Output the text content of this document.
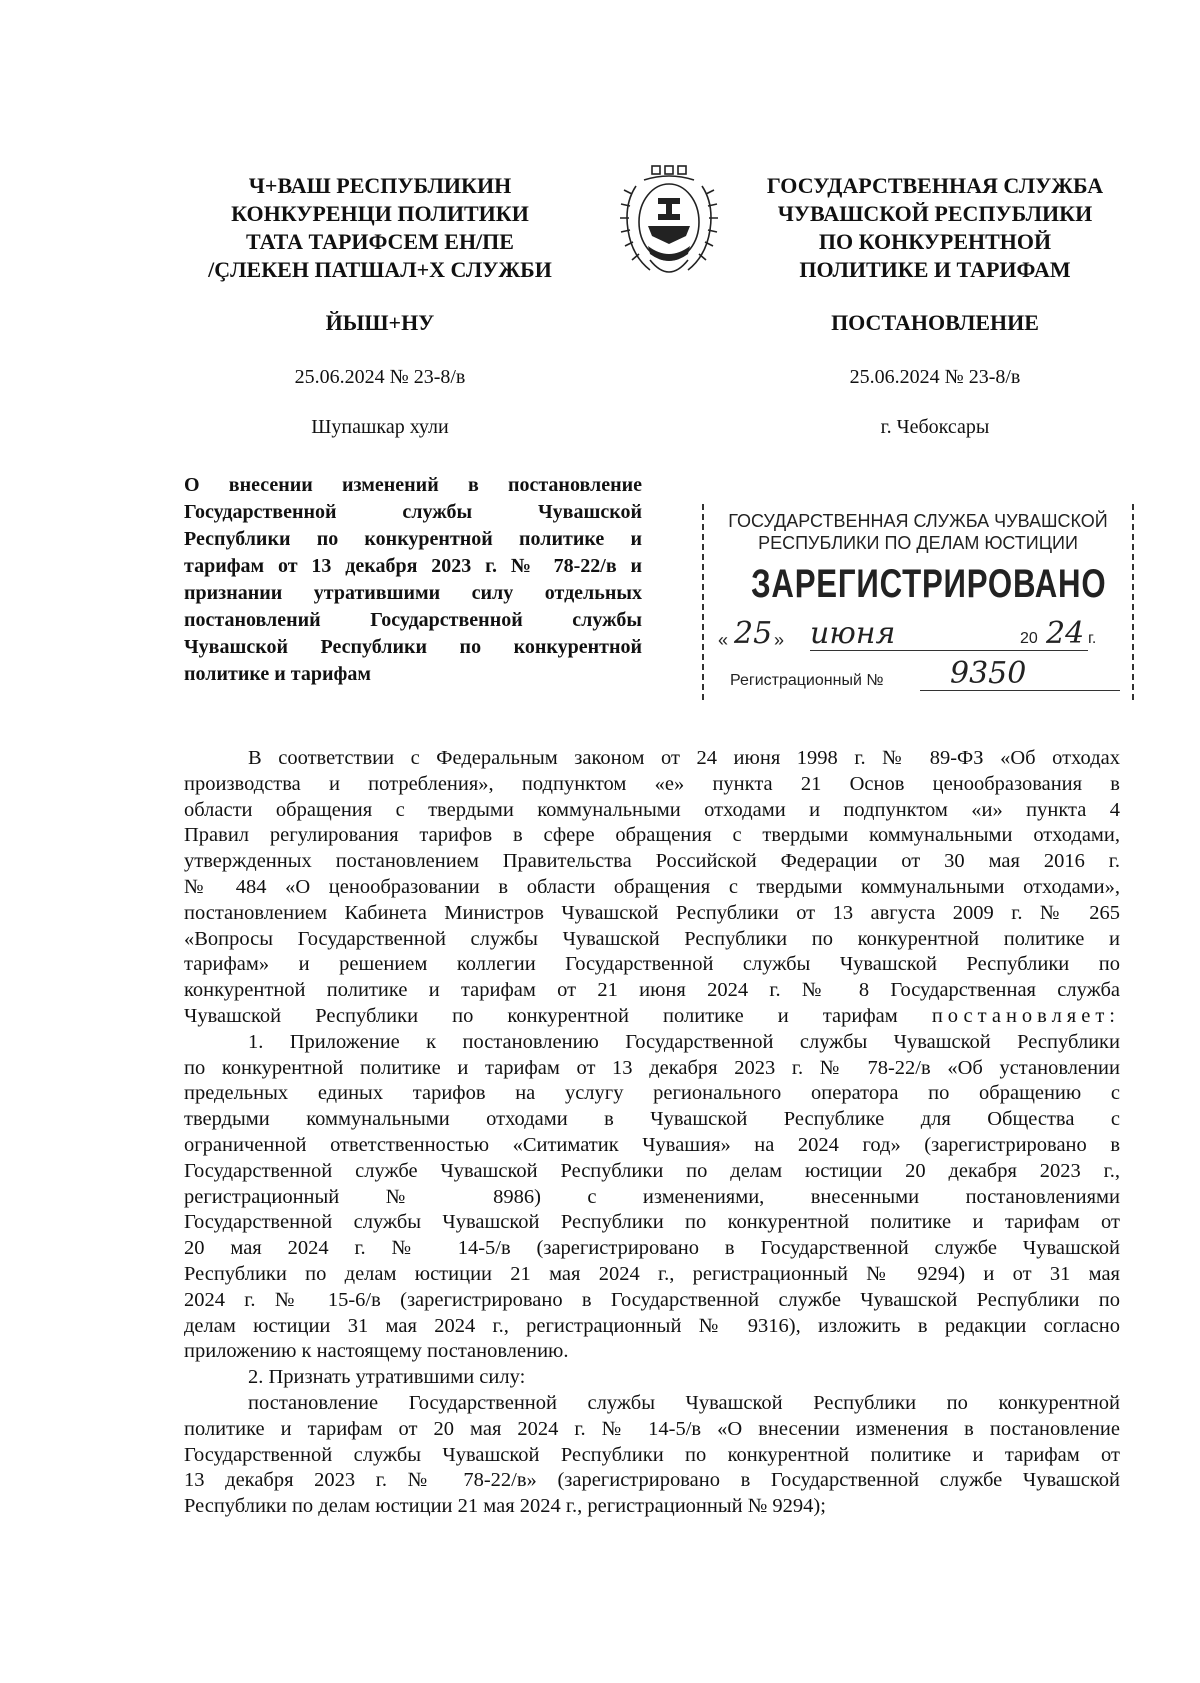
Ч+ВАШ РЕСПУБЛИКИН
КОНКУРЕНЦИ ПОЛИТИКИ
ТАТА ТАРИФСЕМ ЕН/ПЕ
/ÇЛЕКЕН ПАТШАЛ+Х СЛУЖБИ
ГОСУДАРСТВЕННАЯ СЛУЖБА
ЧУВАШСКОЙ РЕСПУБЛИКИ
ПО КОНКУРЕНТНОЙ
ПОЛИТИКЕ И ТАРИФАМ
ЙЫШ+НУ	ПОСТАНОВЛЕНИЕ
25.06.2024 № 23-8/в	25.06.2024 № 23-8/в
Шупашкар хули	г. Чебоксары
О внесении изменений в постановление
Государственной службы Чувашской
Республики по конкурентной политике и
тарифам от 13 декабря 2023 г. № 78-22/в и
признании утратившими силу отдельных
постановлений Государственной службы
Чувашской Республики по конкурентной
политике и тарифам
ГОСУДАРСТВЕННАЯ СЛУЖБА ЧУВАШСКОЙ
РЕСПУБЛИКИ ПО ДЕЛАМ ЮСТИЦИИ
ЗАРЕГИСТРИРОВАНО
« 25 » июня	20 24 г.
Регистрационный № 9350
В соответствии с Федеральным законом от 24 июня 1998 г. № 89-ФЗ «Об отходах
производства и потребления», подпунктом «е» пункта 21 Основ ценообразования в
области обращения с твердыми коммунальными отходами и подпунктом «и» пункта 4
Правил регулирования тарифов в сфере обращения с твердыми коммунальными отходами,
утвержденных постановлением Правительства Российской Федерации от 30 мая 2016 г.
№ 484 «О ценообразовании в области обращения с твердыми коммунальными отходами»,
постановлением Кабинета Министров Чувашской Республики от 13 августа 2009 г. № 265
«Вопросы Государственной службы Чувашской Республики по конкурентной политике и
тарифам» и решением коллегии Государственной службы Чувашской Республики по
конкурентной политике и тарифам от 21 июня 2024 г. № 8 Государственная служба
Чувашской Республики по конкурентной политике и тарифам постановляет:
1. Приложение к постановлению Государственной службы Чувашской Республики
по конкурентной политике и тарифам от 13 декабря 2023 г. № 78-22/в «Об установлении
предельных единых тарифов на услугу регионального оператора по обращению с
твердыми коммунальными отходами в Чувашской Республике для Общества с
ограниченной ответственностью «Ситиматик Чувашия» на 2024 год» (зарегистрировано в
Государственной службе Чувашской Республики по делам юстиции 20 декабря 2023 г.,
регистрационный № 8986) с изменениями, внесенными постановлениями
Государственной службы Чувашской Республики по конкурентной политике и тарифам от
20 мая 2024 г. № 14-5/в (зарегистрировано в Государственной службе Чувашской
Республики по делам юстиции 21 мая 2024 г., регистрационный № 9294) и от 31 мая
2024 г. № 15-6/в (зарегистрировано в Государственной службе Чувашской Республики по
делам юстиции 31 мая 2024 г., регистрационный № 9316), изложить в редакции согласно
приложению к настоящему постановлению.
2. Признать утратившими силу:
постановление Государственной службы Чувашской Республики по конкурентной
политике и тарифам от 20 мая 2024 г. № 14-5/в «О внесении изменения в постановление
Государственной службы Чувашской Республики по конкурентной политике и тарифам от
13 декабря 2023 г. № 78-22/в» (зарегистрировано в Государственной службе Чувашской
Республики по делам юстиции 21 мая 2024 г., регистрационный № 9294);
